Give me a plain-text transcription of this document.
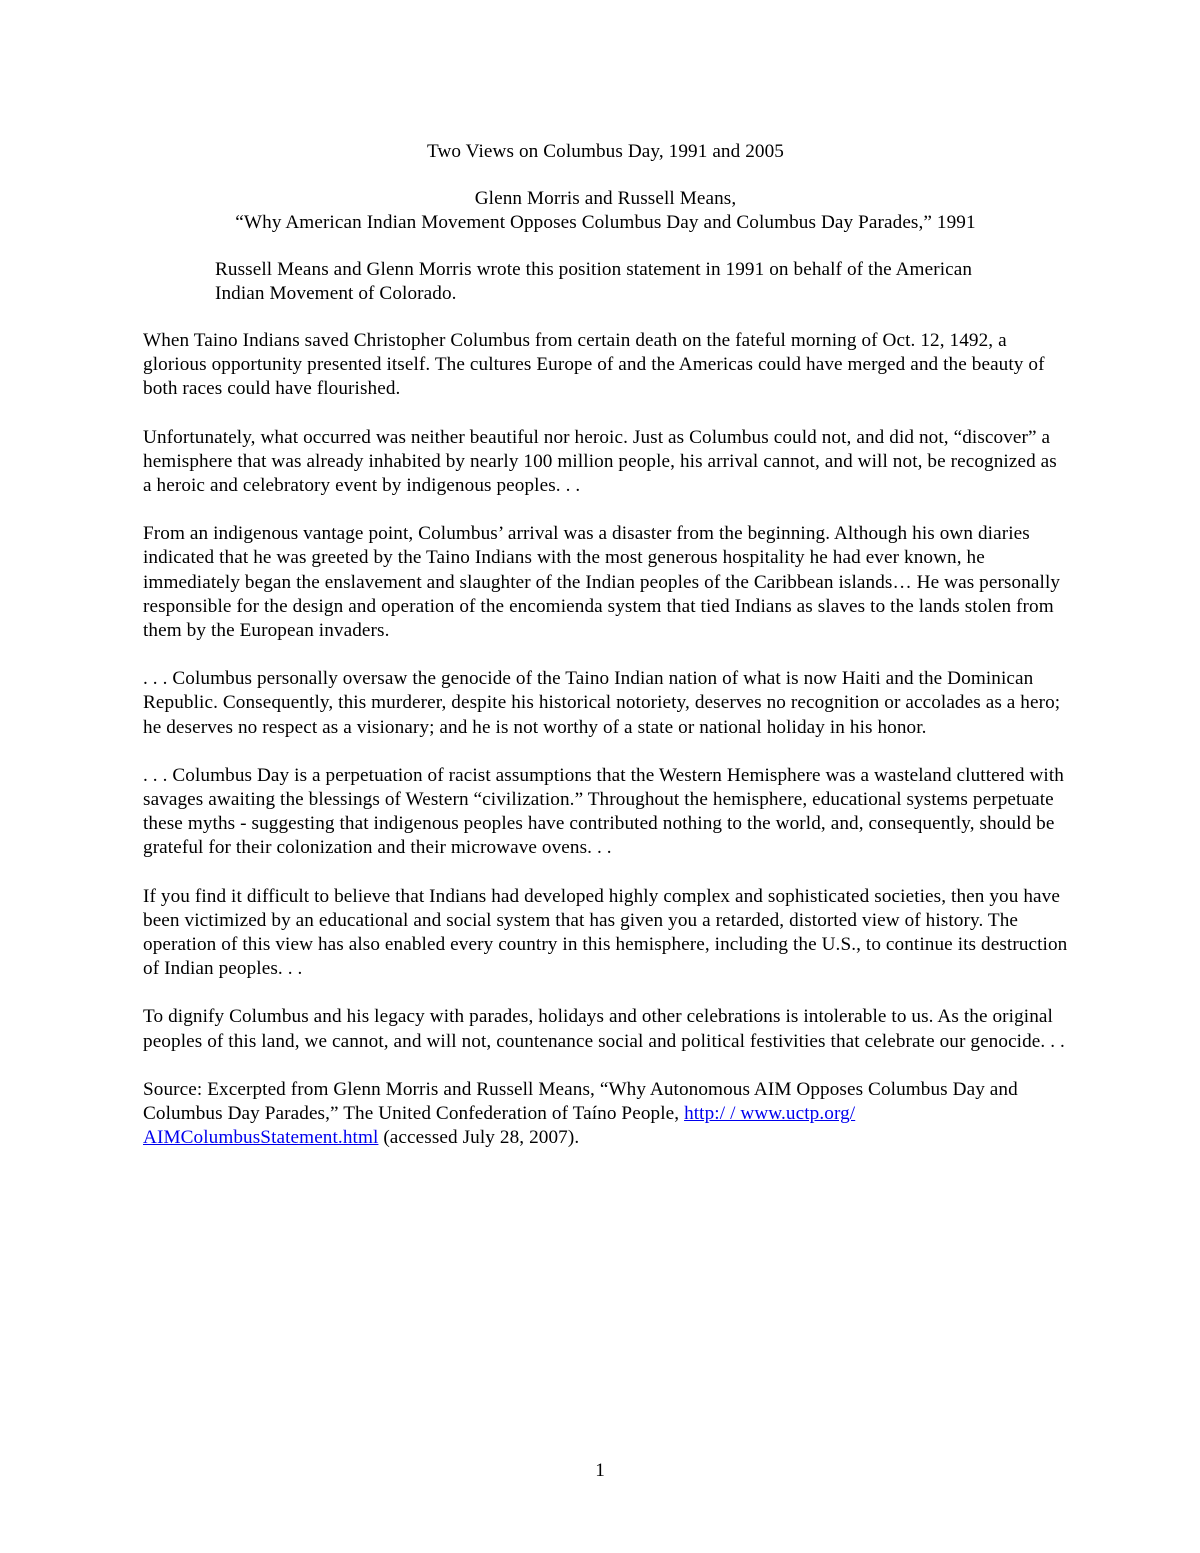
Two Views on Columbus Day, 1991 and 2005
Glenn Morris and Russell Means,
“Why American Indian Movement Opposes Columbus Day and Columbus Day Parades,” 1991
Russell Means and Glenn Morris wrote this position statement in 1991 on behalf of the American Indian Movement of Colorado.
When Taino Indians saved Christopher Columbus from certain death on the fateful morning of Oct. 12, 1492, a glorious opportunity presented itself. The cultures Europe of and the Americas could have merged and the beauty of both races could have flourished.
Unfortunately, what occurred was neither beautiful nor heroic. Just as Columbus could not, and did not, “discover” a hemisphere that was already inhabited by nearly 100 million people, his arrival cannot, and will not, be recognized as a heroic and celebratory event by indigenous peoples. . .
From an indigenous vantage point, Columbus’ arrival was a disaster from the beginning. Although his own diaries indicated that he was greeted by the Taino Indians with the most generous hospitality he had ever known, he immediately began the enslavement and slaughter of the Indian peoples of the Caribbean islands… He was personally responsible for the design and operation of the encomienda system that tied Indians as slaves to the lands stolen from them by the European invaders.
. . . Columbus personally oversaw the genocide of the Taino Indian nation of what is now Haiti and the Dominican Republic. Consequently, this murderer, despite his historical notoriety, deserves no recognition or accolades as a hero; he deserves no respect as a visionary; and he is not worthy of a state or national holiday in his honor.
. . . Columbus Day is a perpetuation of racist assumptions that the Western Hemisphere was a wasteland cluttered with savages awaiting the blessings of Western “civilization.” Throughout the hemisphere, educational systems perpetuate these myths - suggesting that indigenous peoples have contributed nothing to the world, and, consequently, should be grateful for their colonization and their microwave ovens. . .
If you find it difficult to believe that Indians had developed highly complex and sophisticated societies, then you have been victimized by an educational and social system that has given you a retarded, distorted view of history. The operation of this view has also enabled every country in this hemisphere, including the U.S., to continue its destruction of Indian peoples. . .
To dignify Columbus and his legacy with parades, holidays and other celebrations is intolerable to us. As the original peoples of this land, we cannot, and will not, countenance social and political festivities that celebrate our genocide. . .
Source: Excerpted from Glenn Morris and Russell Means, “Why Autonomous AIM Opposes Columbus Day and Columbus Day Parades,” The United Confederation of Taíno People, http:/ / www.uctp.org/ AIMColumbusStatement.html (accessed July 28, 2007).
1
